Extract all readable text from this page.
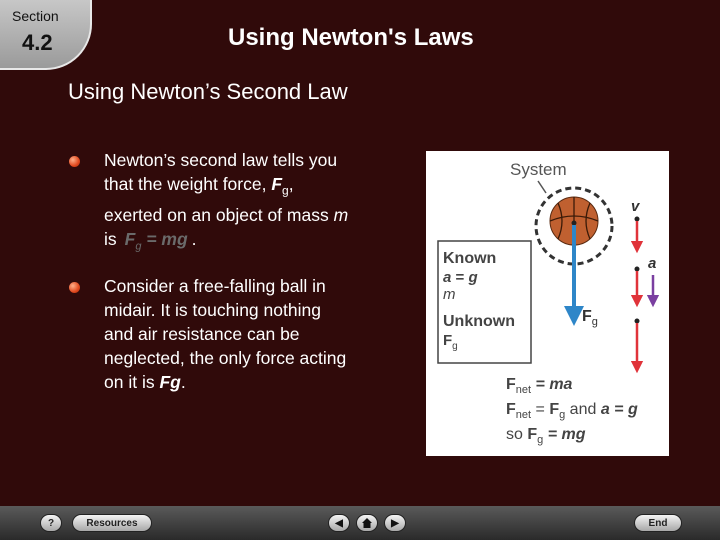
Section
4.2	Using Newton's Laws
Using Newton’s Second Law
Newton’s second law tells you that the weight force, $F_g$, exerted on an object of mass m is $F_g$ = mg .
Consider a free-falling ball in midair. It is touching nothing and air resistance can be neglected, the only force acting on it is Fg.
System
$F_g$
Known
a = g
m
Unknown
$F_g$
v
a
$F_{net}$ = ma
$F_{net} = F_g$ and a = g
so $F_g$ = mg
?	Resources	◀	▶	End
